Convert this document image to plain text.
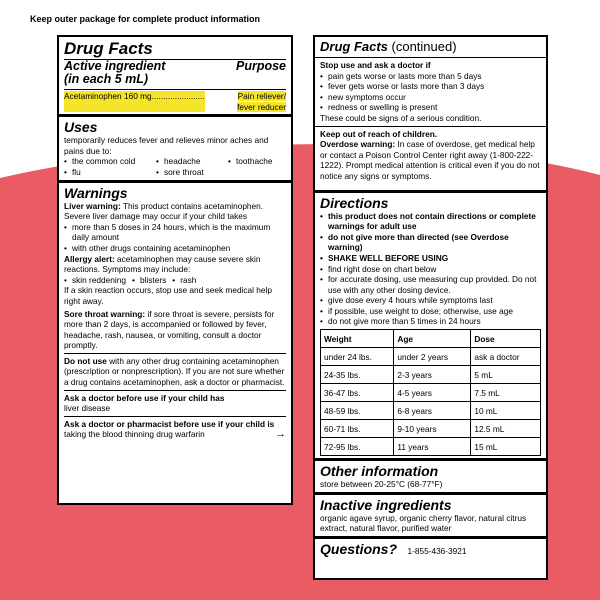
Keep outer package for complete product information
Drug Facts
Active ingredient	Purpose
(in each 5 mL)
Acetaminophen 160 mg.......................	Pain reliever/
fever reducer
Uses
temporarily reduces fever and relieves minor aches and pains due to:
• the common cold	• headache	• toothache
• flu	• sore throat
Warnings
Liver warning: This product contains acetaminophen. Severe liver damage may occur if your child takes
• more than 5 doses in 24 hours, which is the maximum daily amount
• with other drugs containing acetaminophen
Allergy alert: acetaminophen may cause severe skin reactions. Symptoms may include:
• skin reddening	• blisters	• rash
If a skin reaction occurs, stop use and seek medical help right away.
Sore throat warning: if sore throat is severe, persists for more than 2 days, is accompanied or followed by fever, headache, rash, nausea, or vomiting, consult a doctor promptly.
Do not use with any other drug containing acetaminophen (prescription or nonprescription). If you are not sure whether a drug contains acetaminophen, ask a doctor or pharmacist.
Ask a doctor before use if your child has
liver disease
Ask a doctor or pharmacist before use if your child is taking the blood thinning drug warfarin	→
Drug Facts (continued)
Stop use and ask a doctor if
• pain gets worse or lasts more than 5 days
• fever gets worse or lasts more than 3 days
• new symptoms occur
• redness or swelling is present
These could be signs of a serious condition.
Keep out of reach of children.
Overdose warning: In case of overdose, get medical help or contact a Poison Control Center right away (1-800-222-1222). Prompt medical attention is critical even if you do not notice any signs or symptoms.
Directions
• this product does not contain directions or complete warnings for adult use
• do not give more than directed (see Overdose warning)
• SHAKE WELL BEFORE USING
• find right dose on chart below
• for accurate dosing, use measuring cup provided. Do not use with any other dosing device.
• give dose every 4 hours while symptoms last
• if possible, use weight to dose; otherwise, use age
• do not give more than 5 times in 24 hours
Weight	Age	Dose
under 24 lbs.	under 2 years	ask a doctor
24-35 lbs.	2-3 years	5 mL
36-47 lbs.	4-5 years	7.5 mL
48-59 lbs.	6-8 years	10 mL
60-71 lbs.	9-10 years	12.5 mL
72-95 lbs.	11 years	15 mL
Other information
store between 20-25°C (68-77°F)
Inactive ingredients
organic agave syrup, organic cherry flavor, natural citrus extract, natural flavor, purified water
Questions? 1-855-436-3921
